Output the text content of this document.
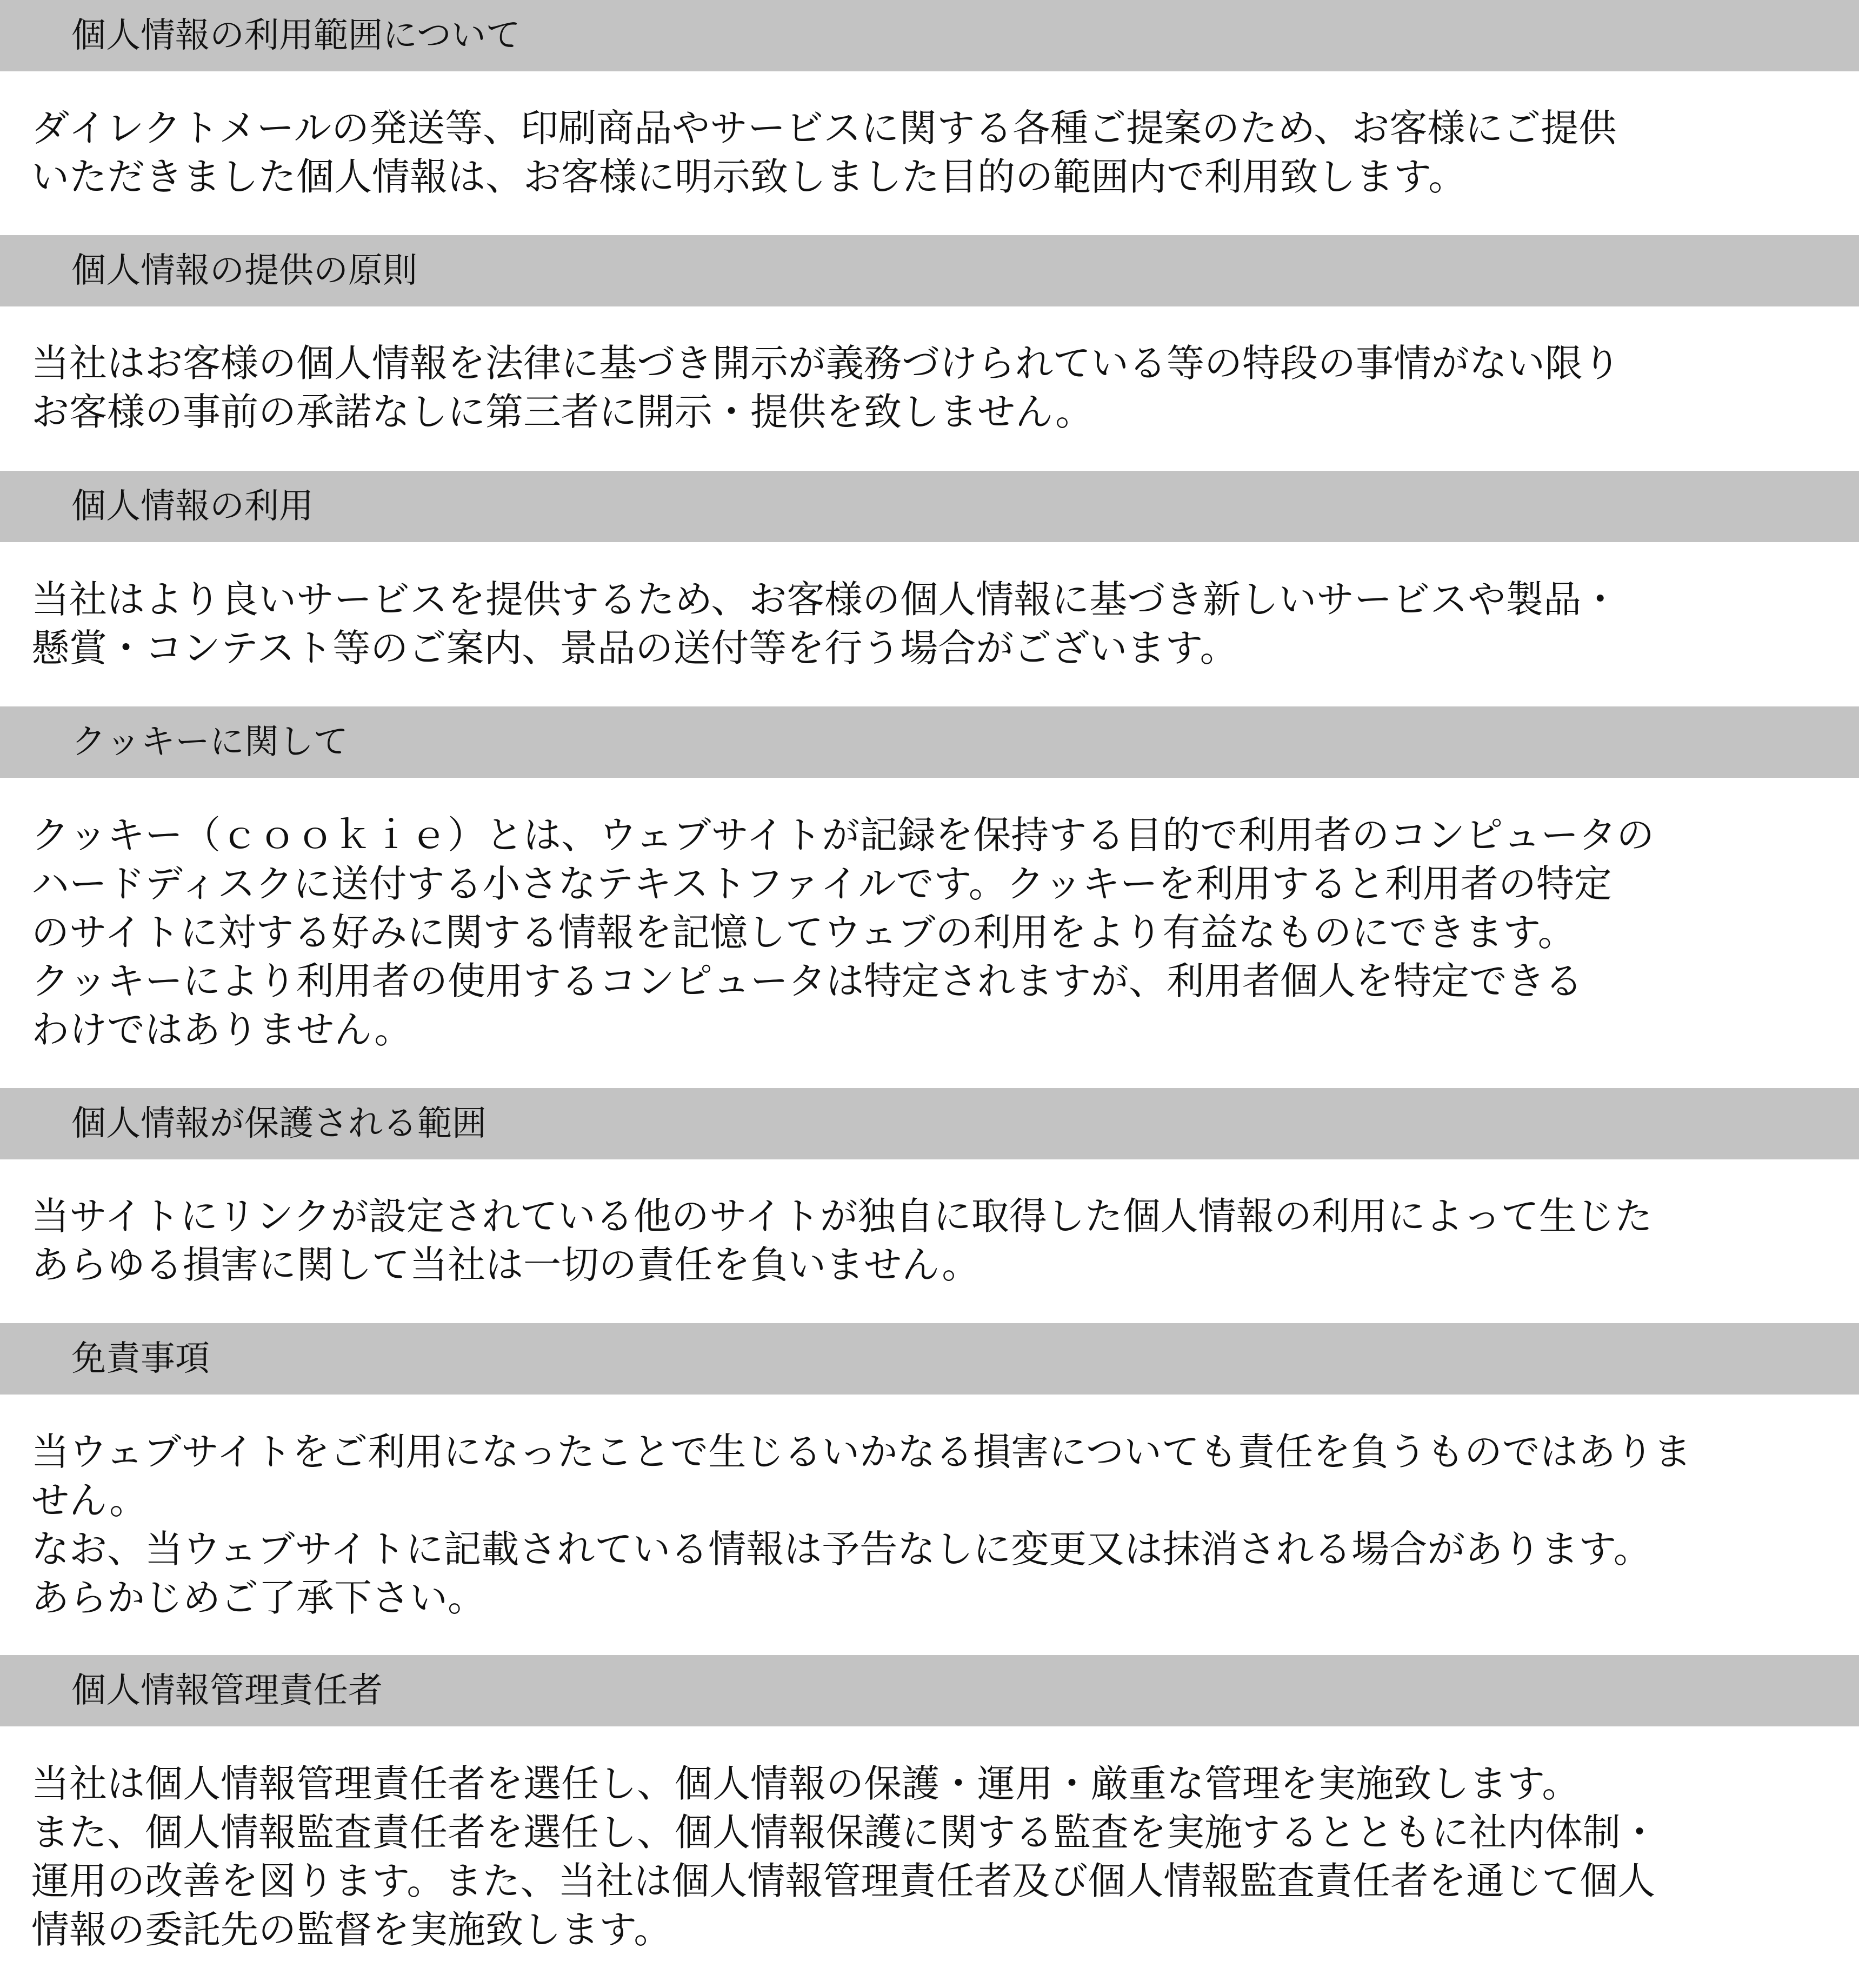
個人情報の利用範囲について

ダイレクトメールの発送等、印刷商品やサービスに関する各種ご提案のため、お客様にご提供
いただきました個人情報は、お客様に明示致しました目的の範囲内で利用致します。

個人情報の提供の原則

当社はお客様の個人情報を法律に基づき開示が義務づけられている等の特段の事情がない限り
お客様の事前の承諾なしに第三者に開示・提供を致しません。

個人情報の利用

当社はより良いサービスを提供するため、お客様の個人情報に基づき新しいサービスや製品・
懸賞・コンテスト等のご案内、景品の送付等を行う場合がございます。

クッキーに関して

クッキー（ｃｏｏｋｉｅ）とは、ウェブサイトが記録を保持する目的で利用者のコンピュータの
ハードディスクに送付する小さなテキストファイルです。クッキーを利用すると利用者の特定
のサイトに対する好みに関する情報を記憶してウェブの利用をより有益なものにできます。
クッキーにより利用者の使用するコンピュータは特定されますが、利用者個人を特定できる
わけではありません。

個人情報が保護される範囲

当サイトにリンクが設定されている他のサイトが独自に取得した個人情報の利用によって生じた
あらゆる損害に関して当社は一切の責任を負いません。

免責事項

当ウェブサイトをご利用になったことで生じるいかなる損害についても責任を負うものではありま
せん。
なお、当ウェブサイトに記載されている情報は予告なしに変更又は抹消される場合があります。
あらかじめご了承下さい。

個人情報管理責任者

当社は個人情報管理責任者を選任し、個人情報の保護・運用・厳重な管理を実施致します。
また、個人情報監査責任者を選任し、個人情報保護に関する監査を実施するとともに社内体制・
運用の改善を図ります。また、当社は個人情報管理責任者及び個人情報監査責任者を通じて個人
情報の委託先の監督を実施致します。
